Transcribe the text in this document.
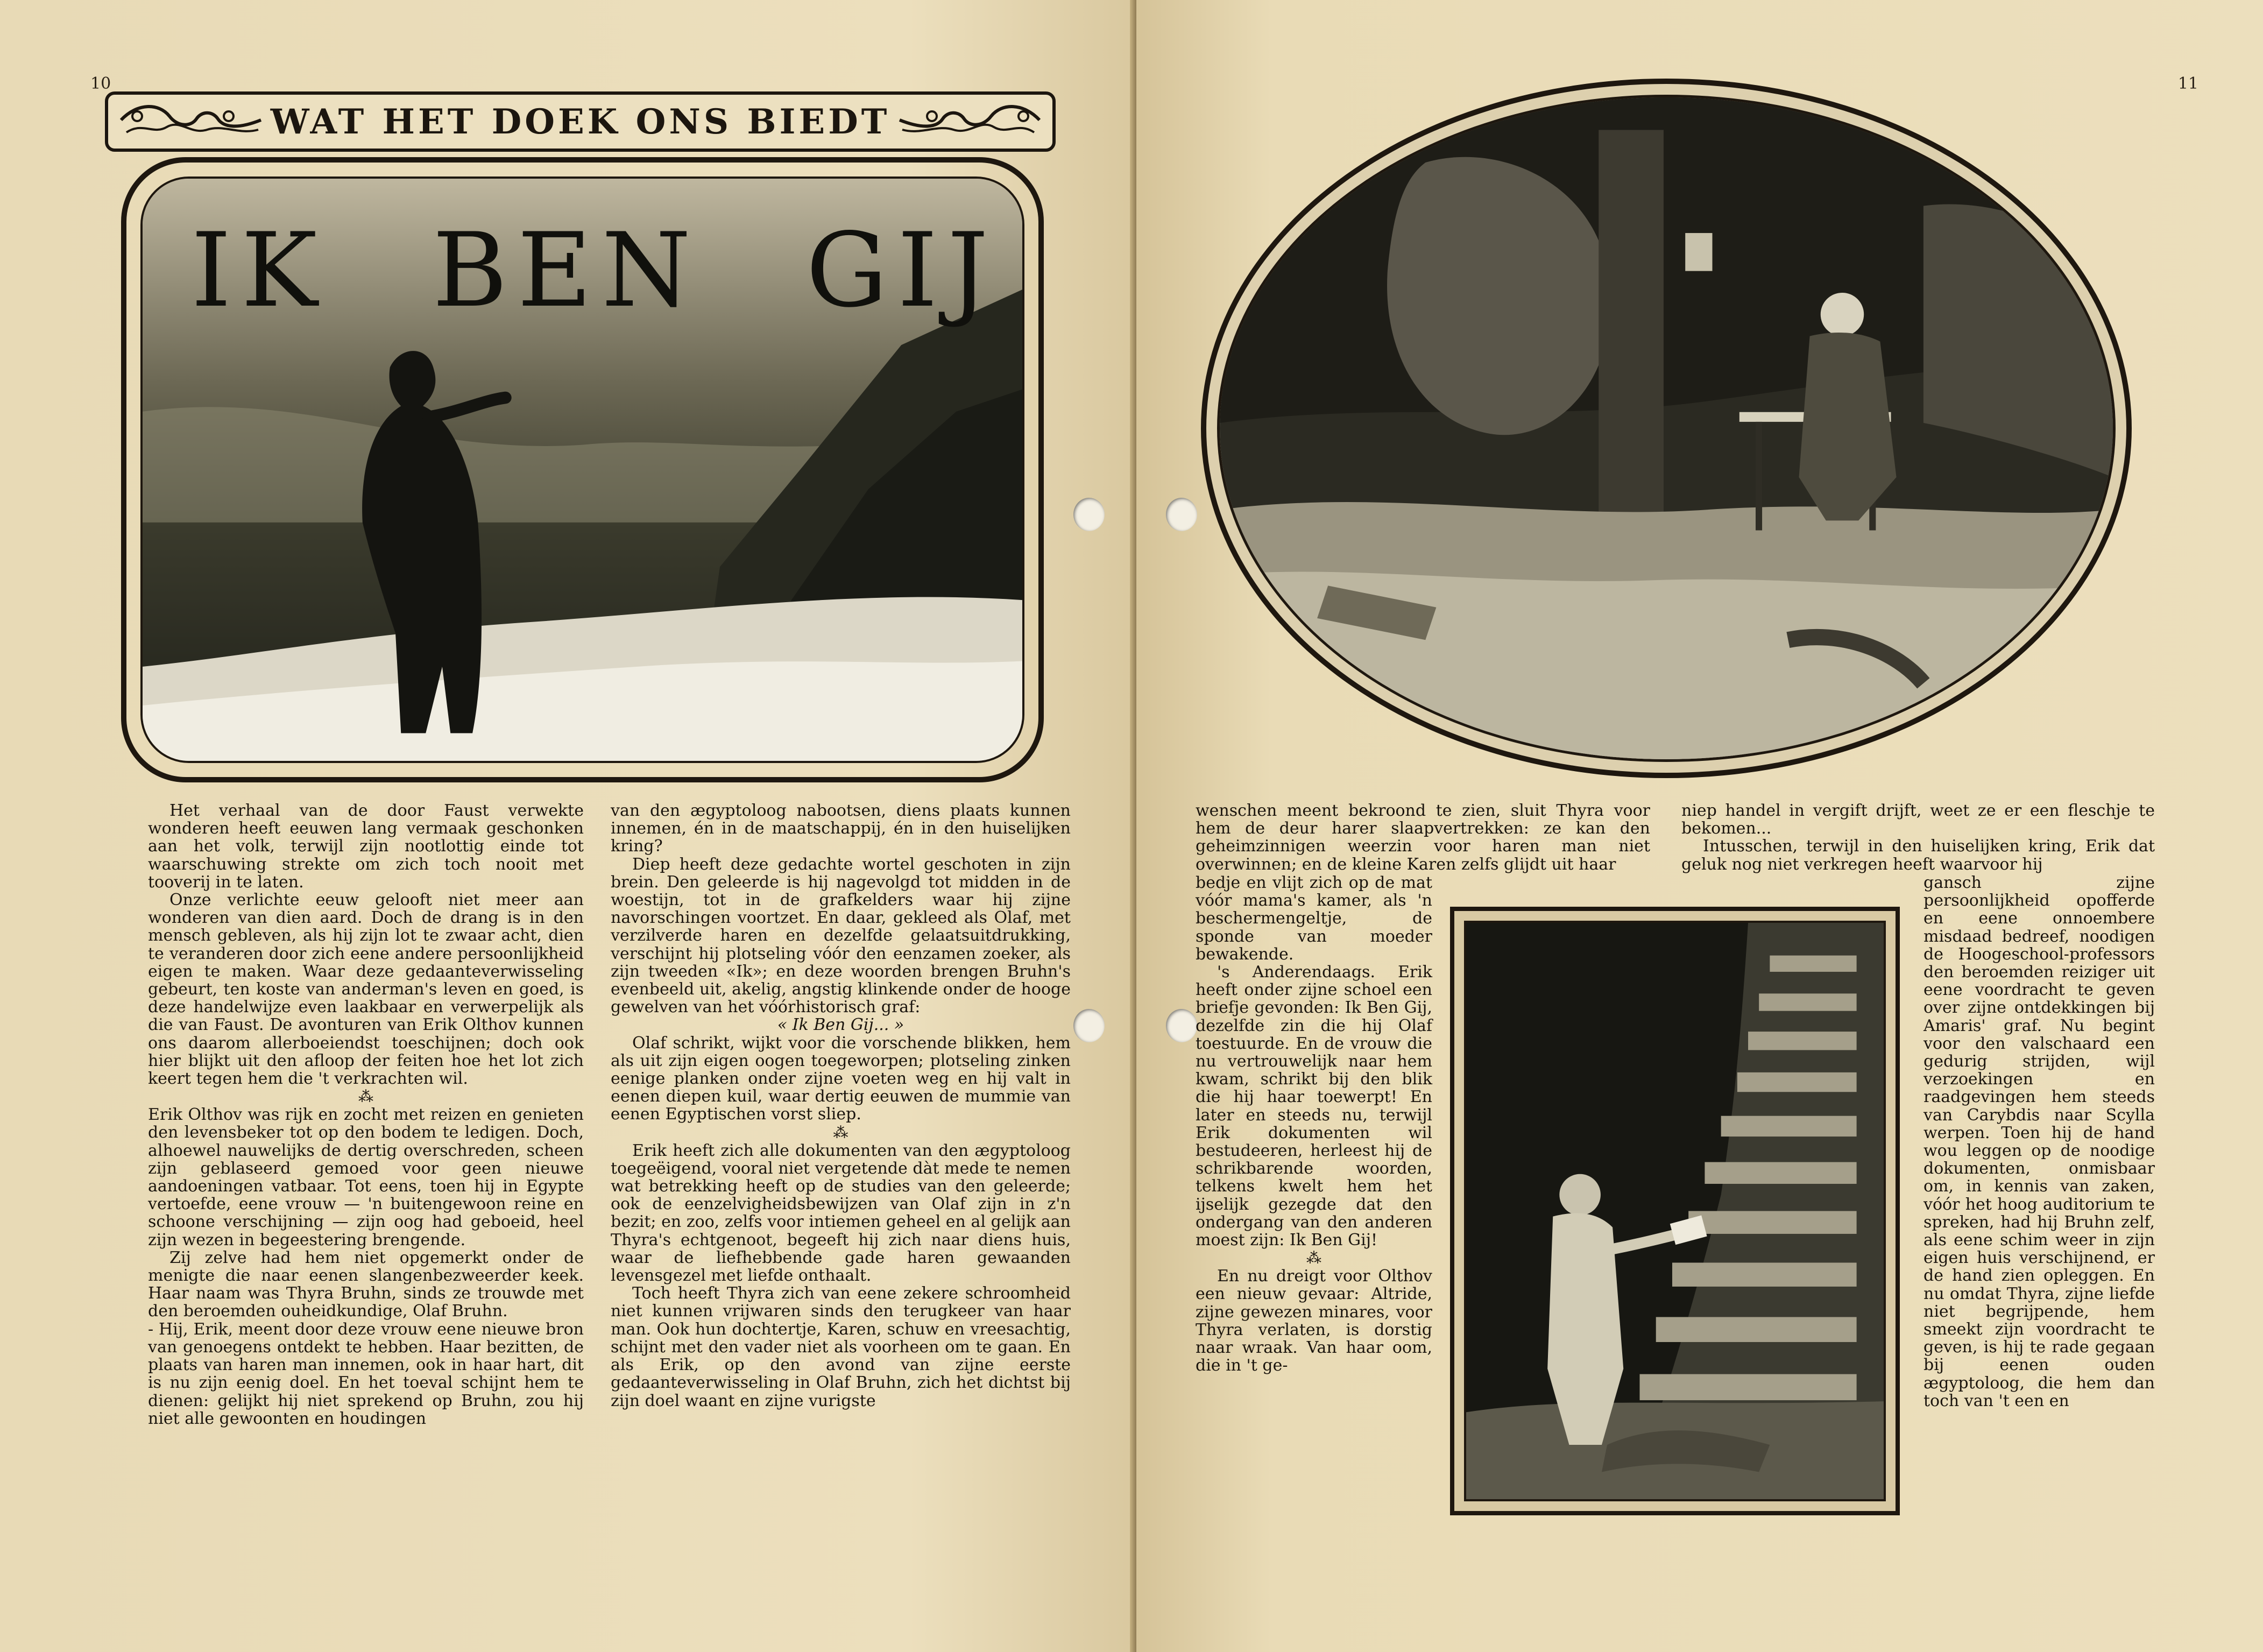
10
WAT HET DOEK ONS BIEDT
IK BEN GIJ

Het verhaal van de door Faust verwekte wonderen heeft eeuwen lang vermaak geschonken aan het volk, terwijl zijn nootlottig einde tot waarschuwing strekte om zich toch nooit met tooverij in te laten.

Onze verlichte eeuw gelooft niet meer aan wonderen van dien aard. Doch de drang is in den mensch gebleven, als hij zijn lot te zwaar acht, dien te veranderen door zich eene andere persoonlijkheid eigen te maken. Waar deze gedaanteverwisseling gebeurt, ten koste van anderman's leven en goed, is deze handelwijze even laakbaar en verwerpelijk als die van Faust. De avonturen van Erik Olthov kunnen ons daarom allerboeiendst toeschijnen; doch ook hier blijkt uit den afloop der feiten hoe het lot zich keert tegen hem die 't verkrachten wil.

⁂

Erik Olthov was rijk en zocht met reizen en genieten den levensbeker tot op den bodem te ledigen. Doch, alhoewel nauwelijks de dertig overschreden, scheen zijn geblaseerd gemoed voor geen nieuwe aandoeningen vatbaar. Tot eens, toen hij in Egypte vertoefde, eene vrouw — 'n buitengewoon reine en schoone verschijning — zijn oog had geboeid, heel zijn wezen in begeestering brengende.

Zij zelve had hem niet opgemerkt onder de menigte die naar eenen slangenbezweerder keek. Haar naam was Thyra Bruhn, sinds ze trouwde met den beroemden ouheidkundige, Olaf Bruhn.

- Hij, Erik, meent door deze vrouw eene nieuwe bron van genoegens ontdekt te hebben. Haar bezitten, de plaats van haren man innemen, ook in haar hart, dit is nu zijn eenig doel. En het toeval schijnt hem te dienen: gelijkt hij niet sprekend op Bruhn, zou hij niet alle gewoonten en houdingen

van den ægyptoloog nabootsen, diens plaats kunnen innemen, én in de maatschappij, én in den huiselijken kring?

Diep heeft deze gedachte wortel geschoten in zijn brein. Den geleerde is hij nagevolgd tot midden in de woestijn, tot in de grafkelders waar hij zijne navorschingen voortzet. En daar, gekleed als Olaf, met verzilverde haren en dezelfde gelaatsuitdrukking, verschijnt hij plotseling vóór den eenzamen zoeker, als zijn tweeden «Ik»; en deze woorden brengen Bruhn's evenbeeld uit, akelig, angstig klinkende onder de hooge gewelven van het vóórhistorisch graf:

« Ik Ben Gij... »

Olaf schrikt, wijkt voor die vorschende blikken, hem als uit zijn eigen oogen toegeworpen; plotseling zinken eenige planken onder zijne voeten weg en hij valt in eenen diepen kuil, waar dertig eeuwen de mummie van eenen Egyptischen vorst sliep.

⁂

Erik heeft zich alle dokumenten van den ægyptoloog toegeëigend, vooral niet vergetende dàt mede te nemen wat betrekking heeft op de studies van den geleerde; ook de eenzelvigheidsbewijzen van Olaf zijn in z'n bezit; en zoo, zelfs voor intiemen geheel en al gelijk aan Thyra's echtgenoot, begeeft hij zich naar diens huis, waar de liefhebbende gade haren gewaanden levensgezel met liefde onthaalt.

Toch heeft Thyra zich van eene zekere schroomheid niet kunnen vrijwaren sinds den terugkeer van haar man. Ook hun dochtertje, Karen, schuw en vreesachtig, schijnt met den vader niet als voorheen om te gaan. En als Erik, op den avond van zijne eerste gedaanteverwisseling in Olaf Bruhn, zich het dichtst bij zijn doel waant en zijne vurigste

11

wenschen meent bekroond te zien, sluit Thyra voor hem de deur harer slaapvertrekken: ze kan den geheimzinnigen weerzin voor haren man niet overwinnen; en de kleine Karen zelfs glijdt uit haar

bedje en vlijt zich op de mat vóór mama's kamer, als 'n beschermengeltje, de sponde van moeder bewakende.

's Anderendaags. Erik heeft onder zijne schoel een briefje gevonden: Ik Ben Gij, dezelfde zin die hij Olaf toestuurde. En de vrouw die nu vertrouwelijk naar hem kwam, schrikt bij den blik die hij haar toewerpt! En later en steeds nu, terwijl Erik dokumenten wil bestudeeren, herleest hij de schrikbarende woorden, telkens kwelt hem het ijselijk gezegde dat den ondergang van den anderen moest zijn: Ik Ben Gij!

⁂

En nu dreigt voor Olthov een nieuw gevaar: Altride, zijne gewezen minares, voor Thyra verlaten, is dorstig naar wraak. Van haar oom, die in 't ge-

niep handel in vergift drijft, weet ze er een fleschje te bekomen...

Intusschen, terwijl in den huiselijken kring, Erik dat geluk nog niet verkregen heeft waarvoor hij

gansch zijne persoonlijkheid opofferde en eene onnoembere misdaad bedreef, noodigen de Hoogeschool-professors den beroemden reiziger uit eene voordracht te geven over zijne ontdekkingen bij Amaris' graf. Nu begint voor den valschaard een gedurig strijden, wijl verzoekingen en raadgevingen hem steeds van Carybdis naar Scylla werpen. Toen hij de hand wou leggen op de noodige dokumenten, onmisbaar om, in kennis van zaken, vóór het hoog auditorium te spreken, had hij Bruhn zelf, als eene schim weer in zijn eigen huis verschijnend, er de hand zien opleggen. En nu omdat Thyra, zijne liefde niet begrijpende, hem smeekt zijn voordracht te geven, is hij te rade gegaan bij eenen ouden ægyptoloog, die hem dan toch van 't een en
